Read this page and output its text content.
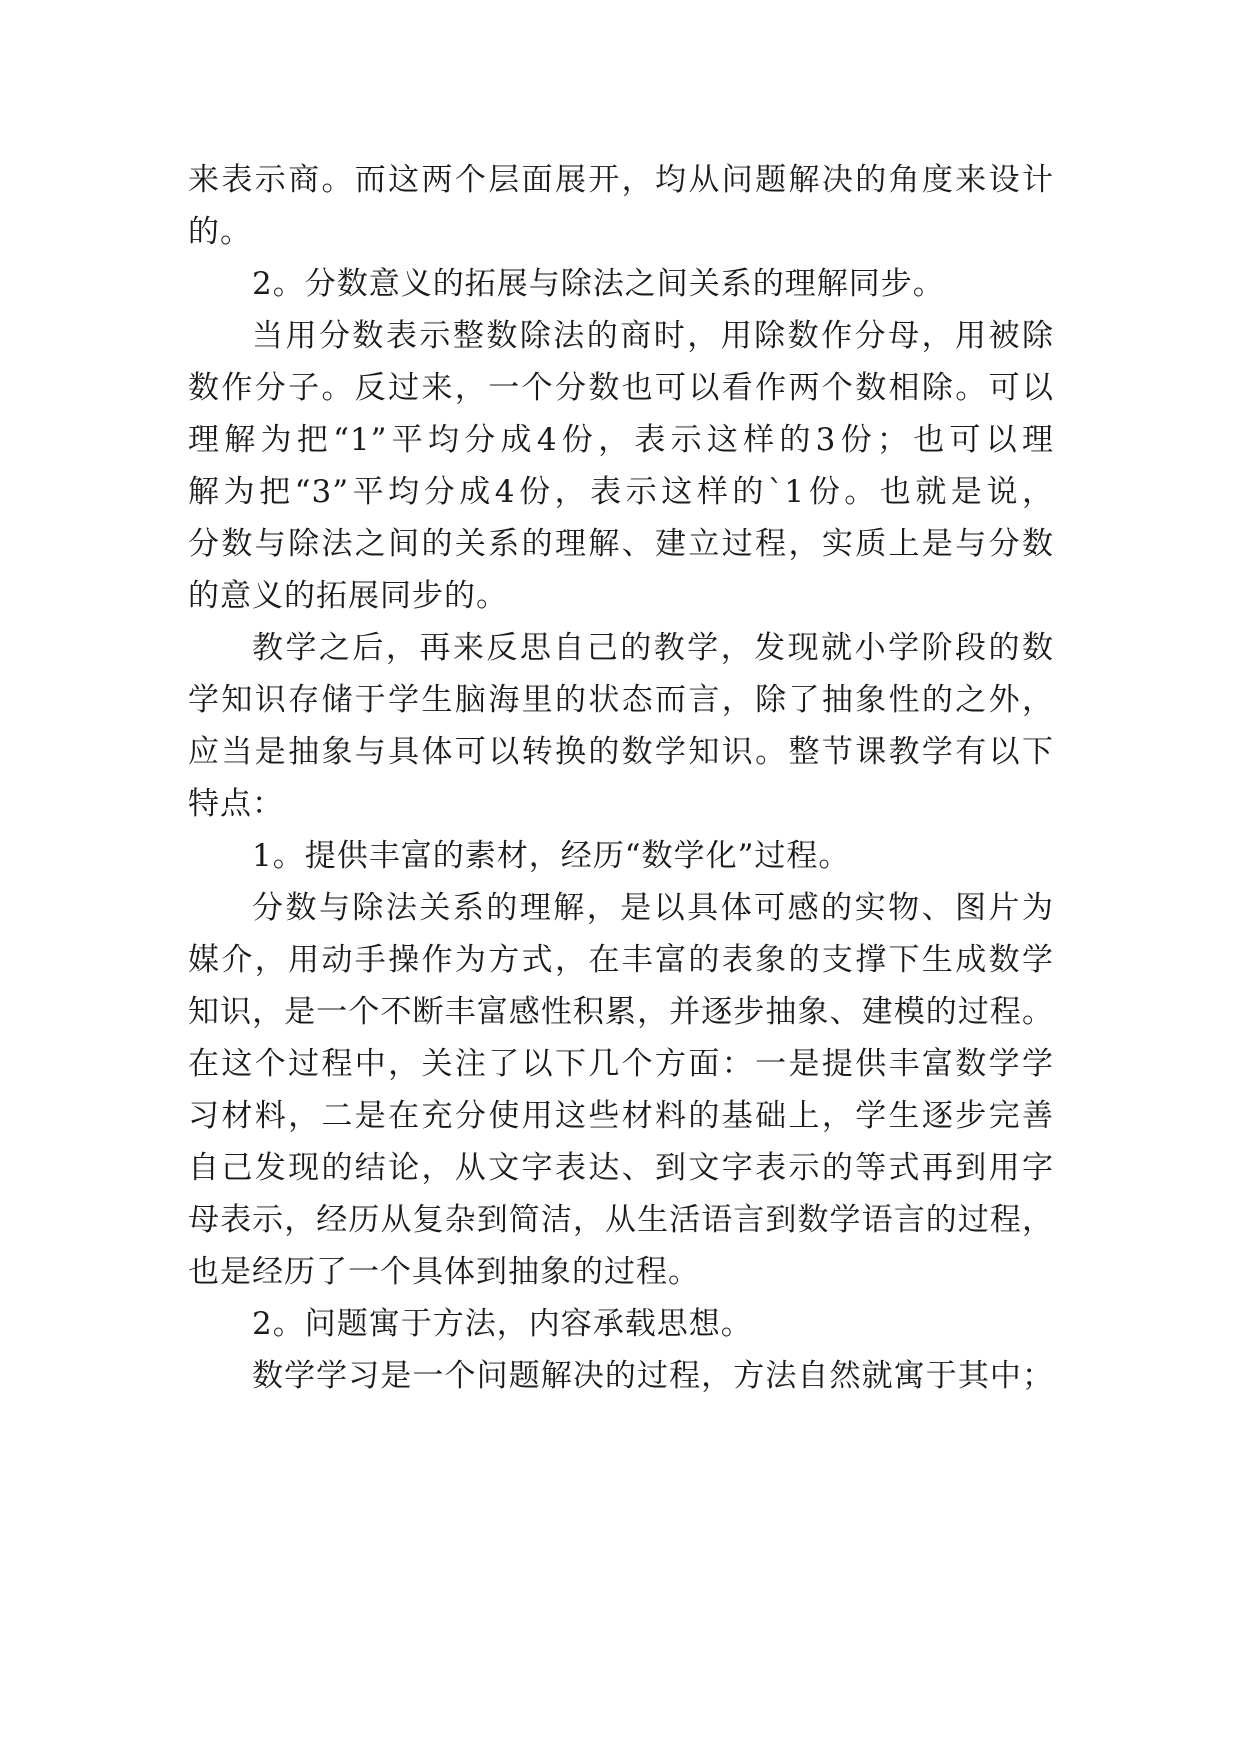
来表示商。而这两个层面展开，均从问题解决的角度来设计
的。
2。分数意义的拓展与除法之间关系的理解同步。
当用分数表示整数除法的商时，用除数作分母，用被除
数作分子。反过来，一个分数也可以看作两个数相除。可以
理解为把“1”平均分成4份，表示这样的3份；也可以理
解为把“3”平均分成4份，表示这样的`1份。也就是说，
分数与除法之间的关系的理解、建立过程，实质上是与分数
的意义的拓展同步的。
教学之后，再来反思自己的教学，发现就小学阶段的数
学知识存储于学生脑海里的状态而言，除了抽象性的之外，
应当是抽象与具体可以转换的数学知识。整节课教学有以下
特点：
1。提供丰富的素材，经历“数学化”过程。
分数与除法关系的理解，是以具体可感的实物、图片为
媒介，用动手操作为方式，在丰富的表象的支撑下生成数学
知识，是一个不断丰富感性积累，并逐步抽象、建模的过程。
在这个过程中，关注了以下几个方面：一是提供丰富数学学
习材料，二是在充分使用这些材料的基础上，学生逐步完善
自己发现的结论，从文字表达、到文字表示的等式再到用字
母表示，经历从复杂到简洁，从生活语言到数学语言的过程，
也是经历了一个具体到抽象的过程。
2。问题寓于方法，内容承载思想。
数学学习是一个问题解决的过程，方法自然就寓于其中；
